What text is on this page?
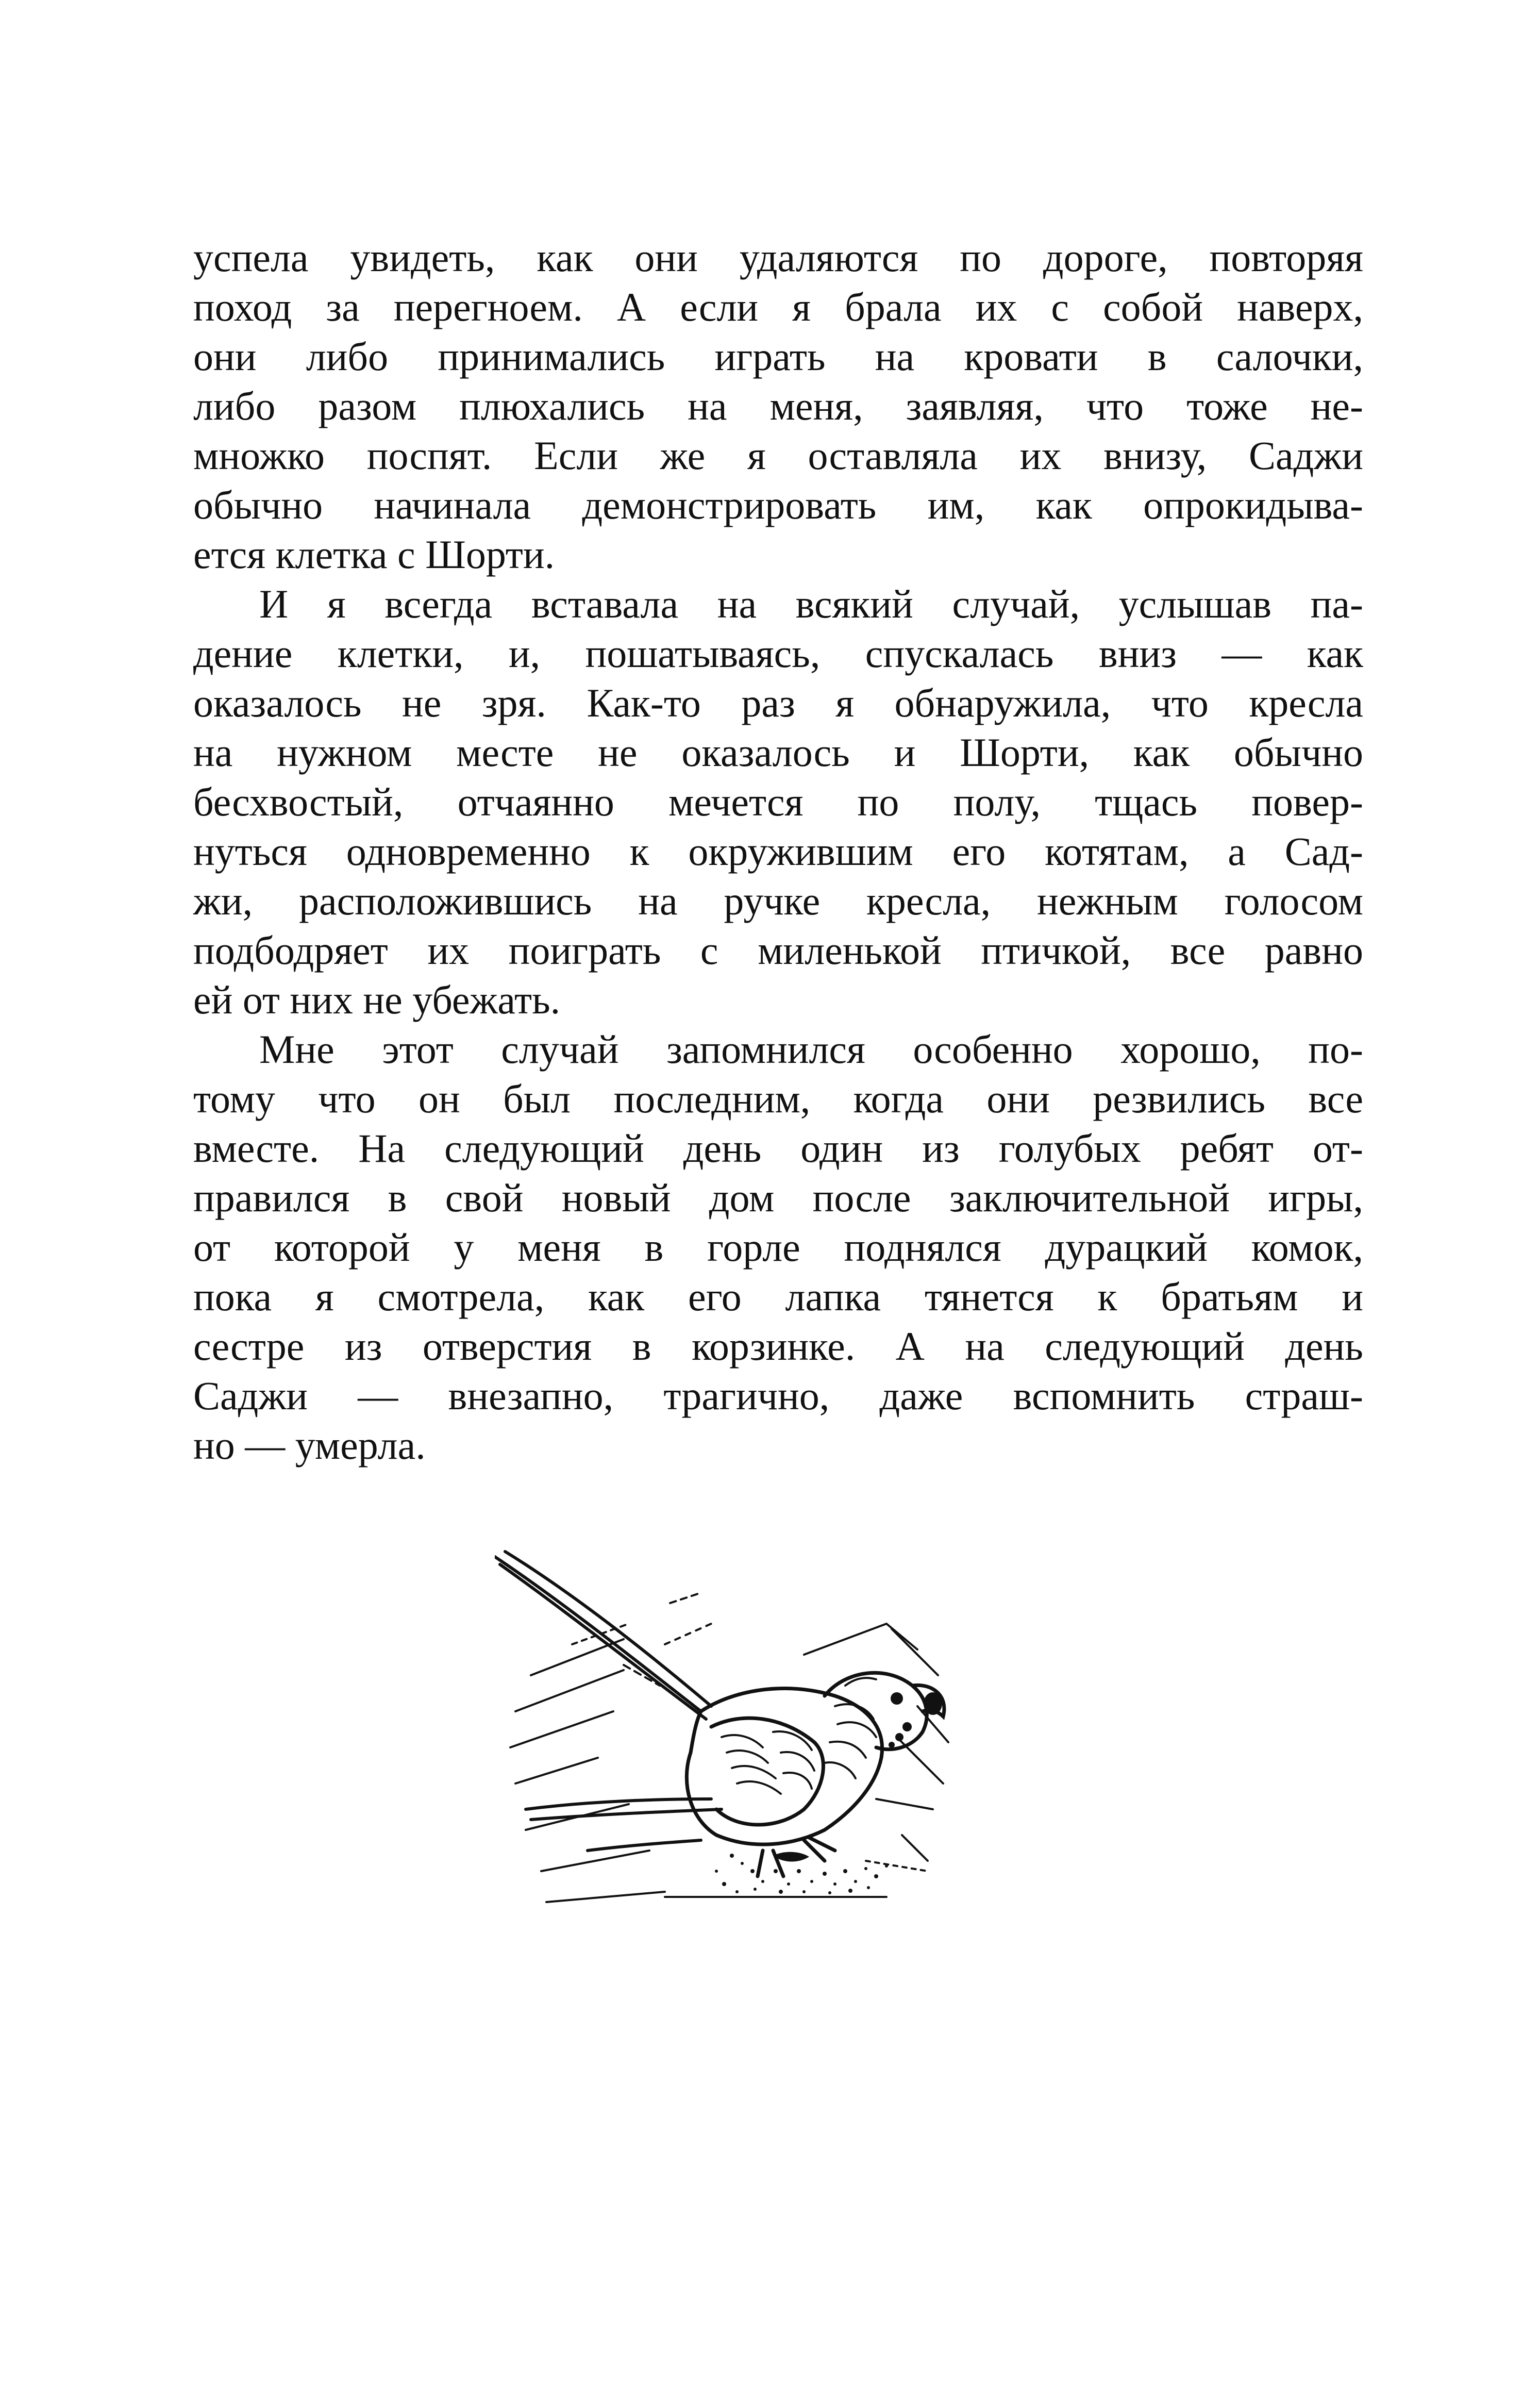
успела увидеть, как они удаляются по дороге, повторяя
поход за перегноем. А если я брала их с собой наверх,
они либо принимались играть на кровати в салочки,
либо разом плюхались на меня, заявляя, что тоже не-
множко поспят. Если же я оставляла их внизу, Саджи
обычно начинала демонстрировать им, как опрокидыва-
ется клетка с Шорти.
И я всегда вставала на всякий случай, услышав па-
дение клетки, и, пошатываясь, спускалась вниз — как
оказалось не зря. Как-то раз я обнаружила, что кресла
на нужном месте не оказалось и Шорти, как обычно
бесхвостый, отчаянно мечется по полу, тщась повер-
нуться одновременно к окружившим его котятам, а Сад-
жи, расположившись на ручке кресла, нежным голосом
подбодряет их поиграть с миленькой птичкой, все равно
ей от них не убежать.
Мне этот случай запомнился особенно хорошо, по-
тому что он был последним, когда они резвились все
вместе. На следующий день один из голубых ребят от-
правился в свой новый дом после заключительной игры,
от которой у меня в горле поднялся дурацкий комок,
пока я смотрела, как его лапка тянется к братьям и
сестре из отверстия в корзинке. А на следующий день
Саджи — внезапно, трагично, даже вспомнить страш-
но — умерла.
